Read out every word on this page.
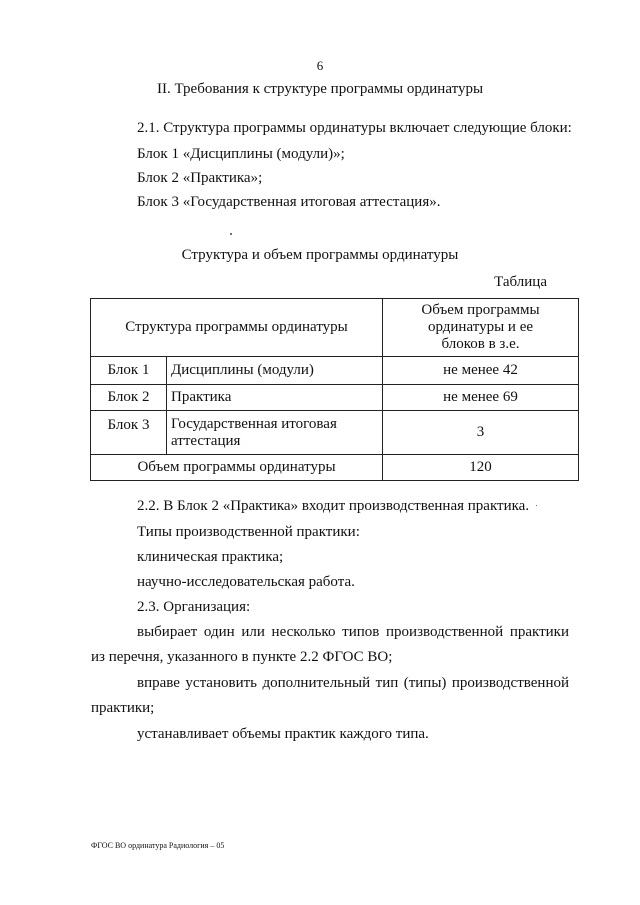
6
II. Требования к структуре программы ординатуры
2.1. Структура программы ординатуры включает следующие блоки:
Блок 1 «Дисциплины (модули)»;
Блок 2 «Практика»;
Блок 3 «Государственная итоговая аттестация».
Структура и объем программы ординатуры
Таблица
Структура программы ординатуры		Объем программы ординатуры и ее блоков в з.е.
Блок 1	Дисциплины (модули)	не менее 42
Блок 2	Практика	не менее 69
Блок 3	Государственная итоговая аттестация	3
Объем программы ординатуры		120
2.2. В Блок 2 «Практика» входит производственная практика.
Типы производственной практики:
клиническая практика;
научно-исследовательская работа.
2.3. Организация:
выбирает один или несколько типов производственной практики
из перечня, указанного в пункте 2.2 ФГОС ВО;
вправе установить дополнительный тип (типы) производственной
практики;
устанавливает объемы практик каждого типа.
ФГОС ВО ординатура Радиология – 05
